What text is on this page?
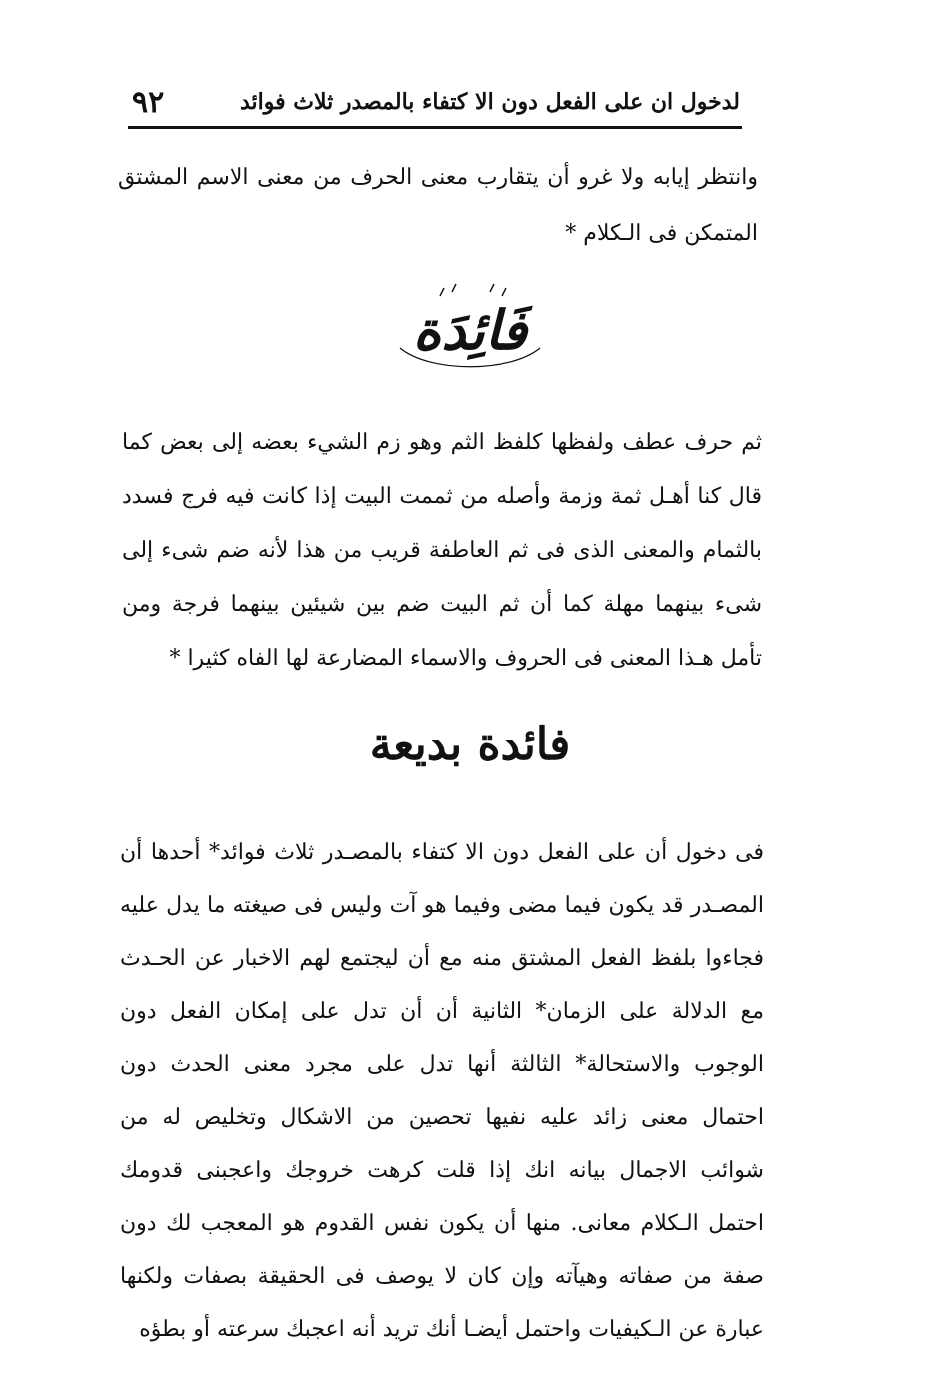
٩٢	لدخول ان على الفعل دون الا كتفاء بالمصدر ثلاث فوائد

وانتظر إيابه ولا غرو أن يتقارب معنى الحرف من معنى الاسم المشتق المتمكن فى الـكلام *

فَائِدَة

ثم حرف عطف ولفظها كلفظ الثم وهو زم الشيء بعضه إلى بعض كما قال كنا أهـل ثمة وزمة وأصله من ثممت البيت إذا كانت فيه فرج فسدد بالثمام والمعنى الذى فى ثم العاطفة قريب من هذا لأنه ضم شىء إلى شىء بينهما مهلة كما أن ثم البيت ضم بين شيئين بينهما فرجة ومن تأمل هـذا المعنى فى الحروف والاسماء المضارعة لها الفاه كثيرا *

فائدة بديعة

فى دخول أن على الفعل دون الا كتفاء بالمصـدر ثلاث فوائد* أحدها أن المصـدر قد يكون فيما مضى وفيما هو آت وليس فى صيغته ما يدل عليه فجاءوا بلفظ الفعل المشتق منه مع أن ليجتمع لهم الاخبار عن الحـدث مع الدلالة على الزمان* الثانية أن أن تدل على إمكان الفعل دون الوجوب والاستحالة* الثالثة أنها تدل على مجرد معنى الحدث دون احتمال معنى زائد عليه نفيها تحصين من الاشكال وتخليص له من شوائب الاجمال بيانه انك إذا قلت كرهت خروجك واعجبنى قدومك احتمل الـكلام معانى. منها أن يكون نفس القدوم هو المعجب لك دون صفة من صفاته وهيآته وإن كان لا يوصف فى الحقيقة بصفات ولكنها عبارة عن الـكيفيات واحتمل أيضـا أنك تريد أنه اعجبك سرعته أو بطؤه
